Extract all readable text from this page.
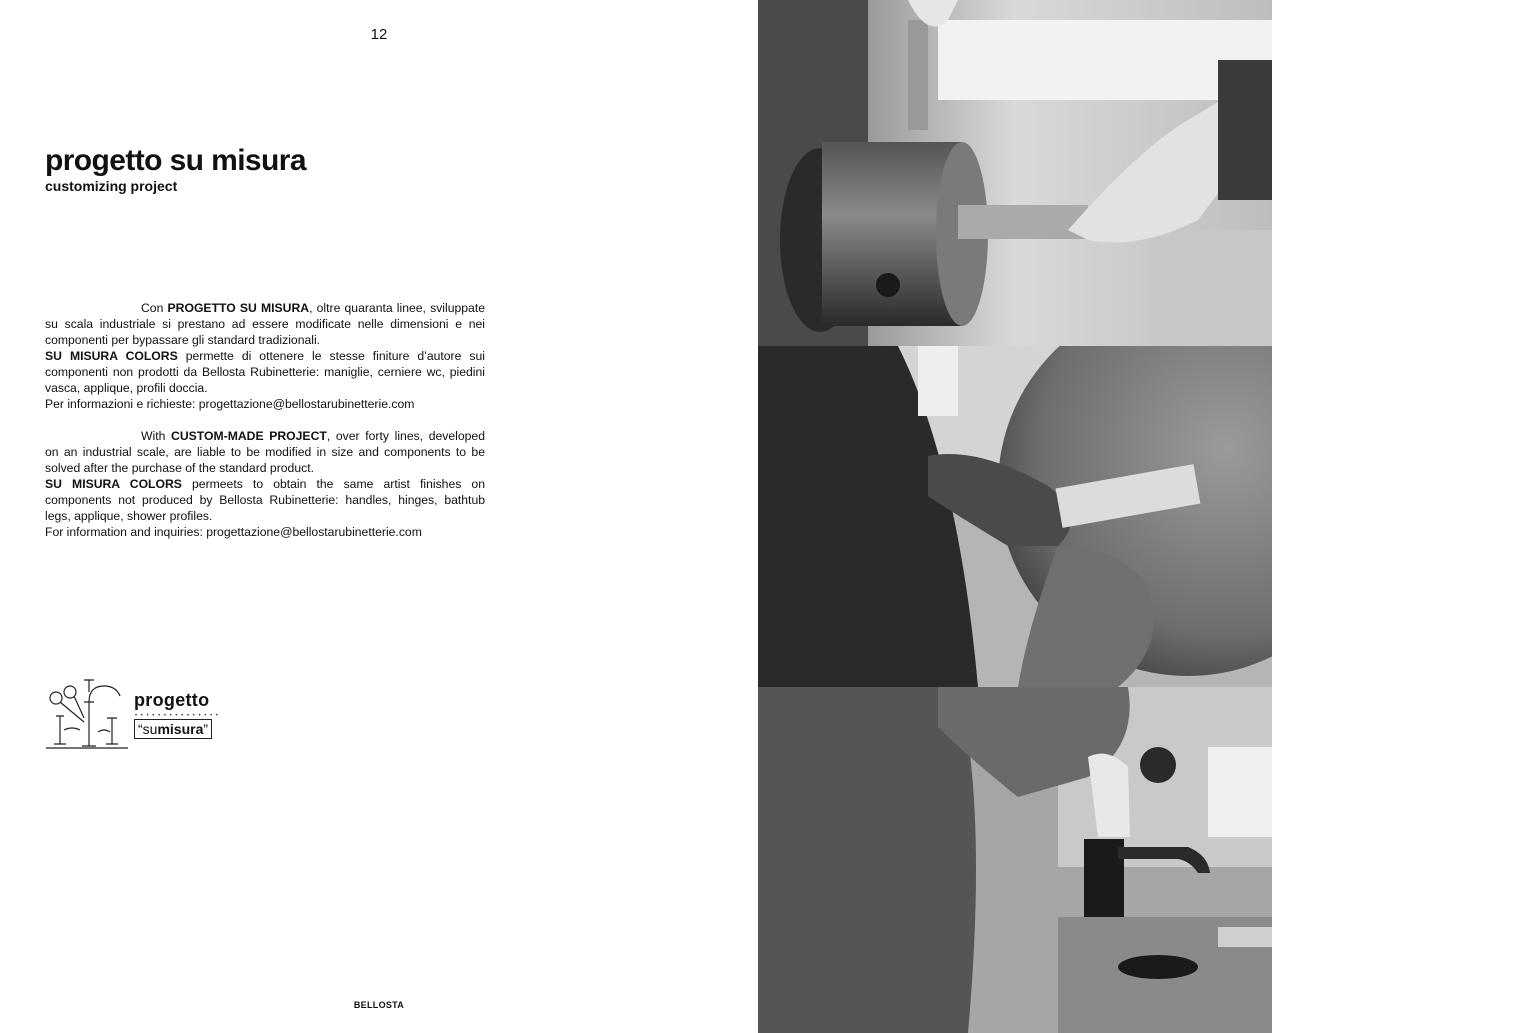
12
progetto su misura
customizing project

Con PROGETTO SU MISURA, oltre quaranta linee, sviluppate su scala industriale si prestano ad essere modificate nelle dimensioni e nei componenti per bypassare gli standard tradizionali.

SU MISURA COLORS permette di ottenere le stesse finiture d’autore sui componenti non prodotti da Bellosta Rubinetterie: maniglie, cerniere wc, piedini vasca, applique, profili doccia.

Per informazioni e richieste: progettazione@bellostarubinetterie.com

With CUSTOM-MADE PROJECT, over forty lines, developed on an industrial scale, are liable to be modified in size and components to be solved after the purchase of the standard product.

SU MISURA COLORS permeets to obtain the same artist finishes on components not produced by Bellosta Rubinetterie: handles, hinges, bathtub legs, applique, shower profiles.

For information and inquiries: progettazione@bellostarubinetterie.com

progetto
• • • • • • • • • • • • • • •
“sumisura”
BELLOSTA
